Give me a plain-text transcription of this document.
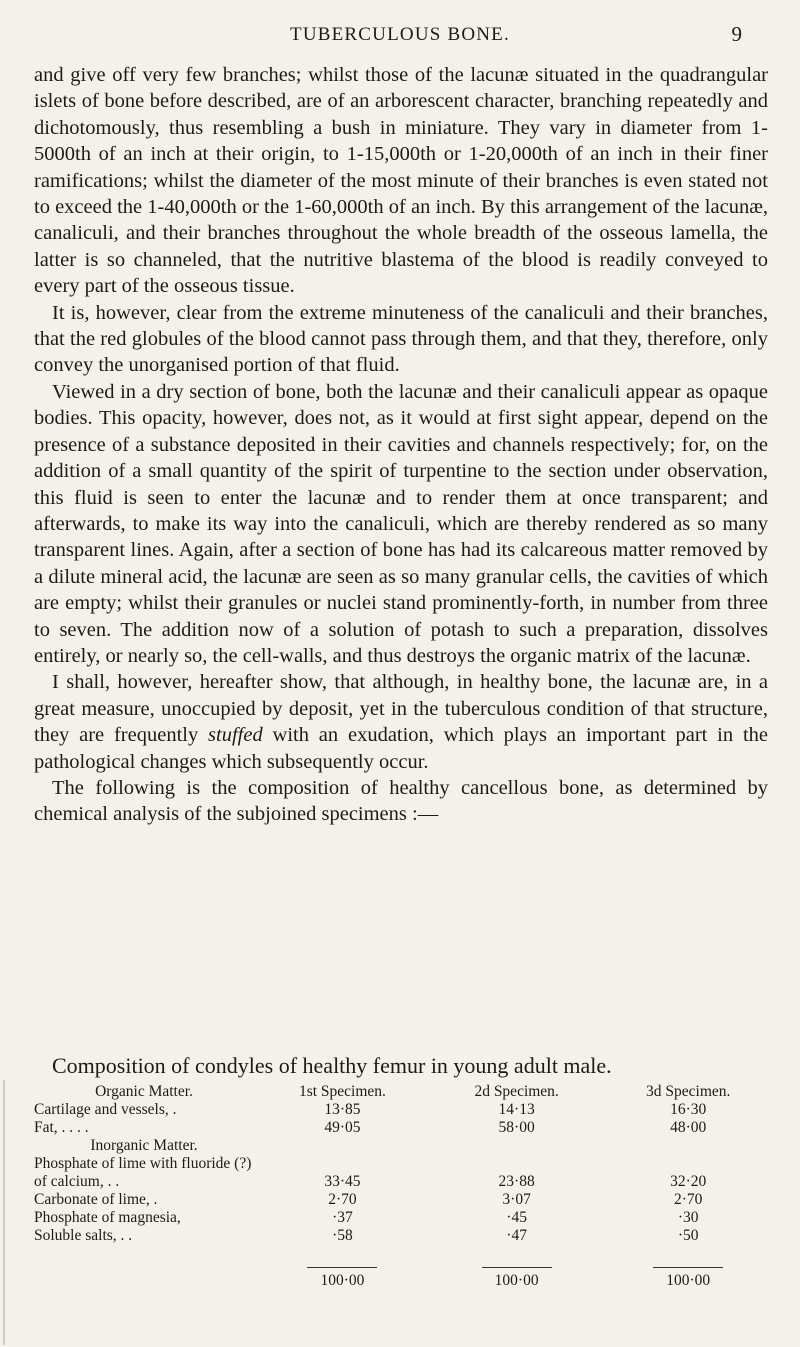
TUBERCULOUS BONE.	9

and give off very few branches; whilst those of the lacunæ situated in the quadrangular islets of bone before described, are of an arborescent character, branching repeatedly and dichotomously, thus resembling a bush in miniature. They vary in diameter from 1-5000th of an inch at their origin, to 1-15,000th or 1-20,000th of an inch in their finer ramifications; whilst the diameter of the most minute of their branches is even stated not to exceed the 1-40,000th or the 1-60,000th of an inch. By this arrangement of the lacunæ, canaliculi, and their branches throughout the whole breadth of the osseous lamella, the latter is so channeled, that the nutritive blastema of the blood is readily conveyed to every part of the osseous tissue.

It is, however, clear from the extreme minuteness of the canaliculi and their branches, that the red globules of the blood cannot pass through them, and that they, therefore, only convey the unorganised portion of that fluid.

Viewed in a dry section of bone, both the lacunæ and their canaliculi appear as opaque bodies. This opacity, however, does not, as it would at first sight appear, depend on the presence of a substance deposited in their cavities and channels respectively; for, on the addition of a small quantity of the spirit of turpentine to the section under observation, this fluid is seen to enter the lacunæ and to render them at once transparent; and afterwards, to make its way into the canaliculi, which are thereby rendered as so many transparent lines. Again, after a section of bone has had its calcareous matter removed by a dilute mineral acid, the lacunæ are seen as so many granular cells, the cavities of which are empty; whilst their granules or nuclei stand prominently-forth, in number from three to seven. The addition now of a solution of potash to such a preparation, dissolves entirely, or nearly so, the cell-walls, and thus destroys the organic matrix of the lacunæ.

I shall, however, hereafter show, that although, in healthy bone, the lacunæ are, in a great measure, unoccupied by deposit, yet in the tuberculous condition of that structure, they are frequently stuffed with an exudation, which plays an important part in the pathological changes which subsequently occur.

The following is the composition of healthy cancellous bone, as determined by chemical analysis of the subjoined specimens :—

Composition of condyles of healthy femur in young adult male.
Organic Matter.	1st Specimen.	2d Specimen.	3d Specimen.
Cartilage and vessels, .	13·85	14·13	16·30
Fat, . . . .	49·05	58·00	48·00
Inorganic Matter.			
Phosphate of lime with fluoride (?)			
of calcium, . .	33·45	23·88	32·20
Carbonate of lime, .	2·70	3·07	2·70
Phosphate of magnesia,	·37	·45	·30
Soluble salts, . .	·58	·47	·50

	100·00	100·00	100·00
